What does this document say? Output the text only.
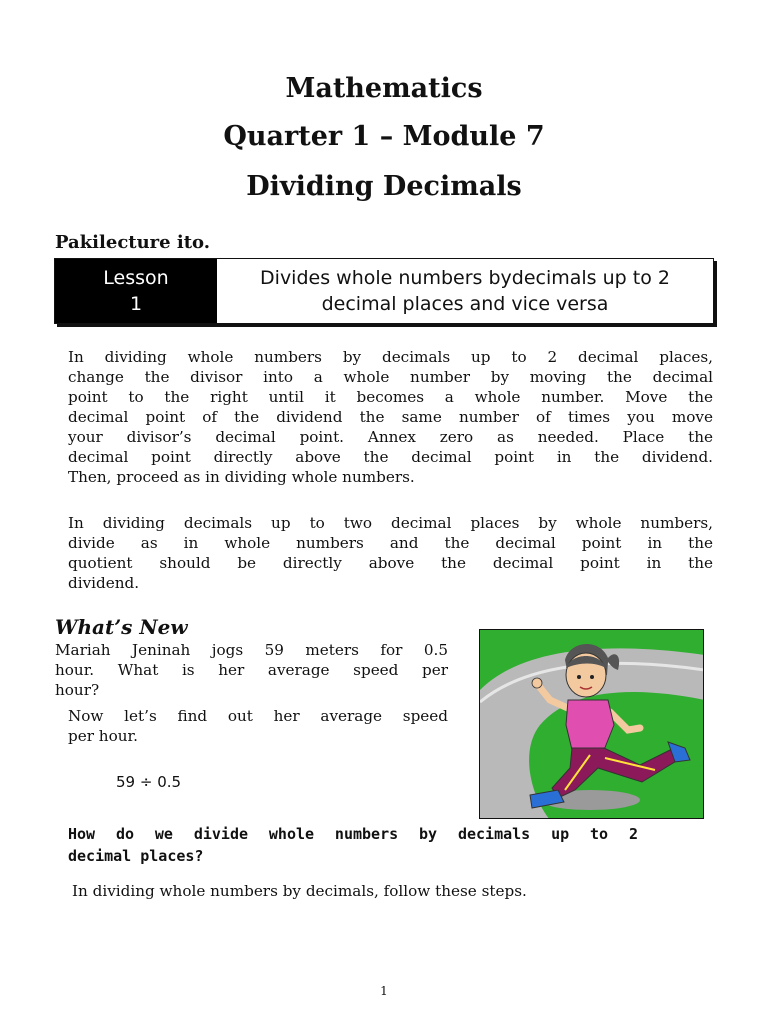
Mathematics
Quarter 1 – Module 7
Dividing Decimals
Pakilecture ito.
Lesson
1
Divides whole numbers bydecimals up to 2
decimal places and vice versa
In dividing whole numbers by decimals up to 2 decimal places,
change the divisor into a whole number by moving the decimal
point to the right until it becomes a whole number. Move the
decimal point of the dividend the same number of times you move
your divisor’s decimal point. Annex zero as needed. Place the
decimal point directly above the decimal point in the dividend.
Then, proceed as in dividing whole numbers.
In dividing decimals up to two decimal places by whole numbers,
divide as in whole numbers and the decimal point in the
quotient should be directly above the decimal point in the
dividend.
What’s New
Mariah Jeninah jogs 59 meters for 0.5
hour. What is her average speed per
hour?
Now let’s find out her average speed
per hour.
59 ÷ 0.5
How do we divide whole numbers by decimals up to 2
decimal places?
In dividing whole numbers by decimals, follow these steps.
1
